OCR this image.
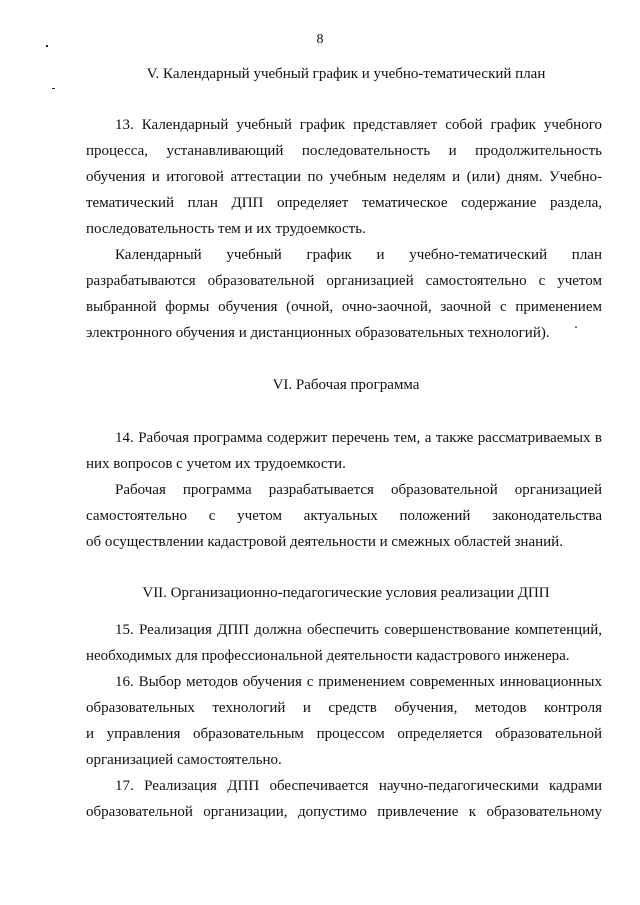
8
V. Календарный учебный график и учебно-тематический план
13. Календарный учебный график представляет собой график учебного
процесса, устанавливающий последовательность и продолжительность
обучения и итоговой аттестации по учебным неделям и (или) дням. Учебно-
тематический план ДПП определяет тематическое содержание раздела,
последовательность тем и их трудоемкость.
Календарный учебный график и учебно-тематический план
разрабатываются образовательной организацией самостоятельно с учетом
выбранной формы обучения (очной, очно-заочной, заочной с применением
электронного обучения и дистанционных образовательных технологий).
VI. Рабочая программа
14. Рабочая программа содержит перечень тем, а также рассматриваемых в
них вопросов с учетом их трудоемкости.
Рабочая программа разрабатывается образовательной организацией
самостоятельно с учетом актуальных положений законодательства
об осуществлении кадастровой деятельности и смежных областей знаний.
VII. Организационно-педагогические условия реализации ДПП
15. Реализация ДПП должна обеспечить совершенствование компетенций,
необходимых для профессиональной деятельности кадастрового инженера.
16. Выбор методов обучения с применением современных инновационных
образовательных технологий и средств обучения, методов контроля
и управления образовательным процессом определяется образовательной
организацией самостоятельно.
17. Реализация ДПП обеспечивается научно-педагогическими кадрами
образовательной организации, допустимо привлечение к образовательному
